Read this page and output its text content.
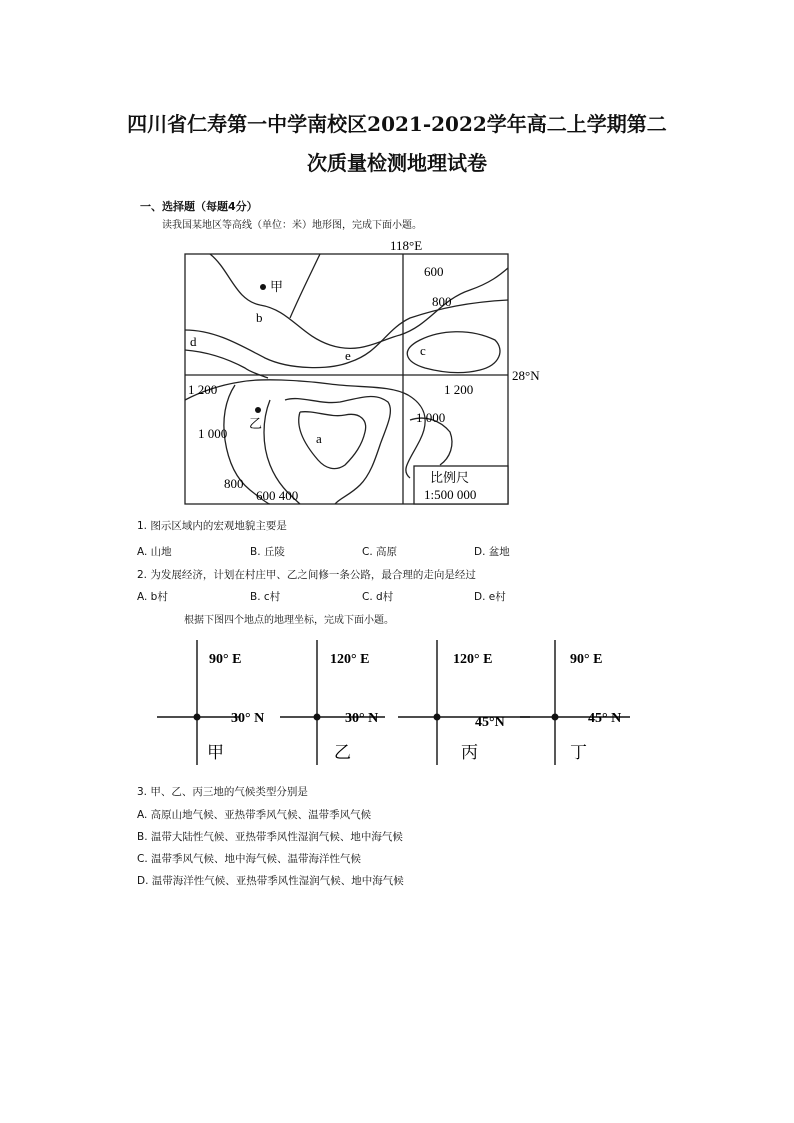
四川省仁寿第一中学南校区2021-2022学年高二上学期第二
次质量检测地理试卷
一、选择题（每题4分）
读我国某地区等高线（单位：米）地形图，完成下面小题。
118°E
28°N
甲
乙
a
b
c
d
e
600
800
1 200	1 200
1 000
1 000
800
600 400
比例尺
1:500 000
1. 图示区域内的宏观地貌主要是
A. 山地	B. 丘陵	C. 高原	D. 盆地
2. 为发展经济，计划在村庄甲、乙之间修一条公路，最合理的走向是经过
A. b村	B. c村	C. d村	D. e村
根据下图四个地点的地理坐标，完成下面小题。
90° E
30° N
120° E
30° N
120° E
45°N
90° E
45° N
甲	乙	丙	丁
3. 甲、乙、丙三地的气候类型分别是
A. 高原山地气候、亚热带季风气候、温带季风气候
B. 温带大陆性气候、亚热带季风性湿润气候、地中海气候
C. 温带季风气候、地中海气候、温带海洋性气候
D. 温带海洋性气候、亚热带季风性湿润气候、地中海气候
